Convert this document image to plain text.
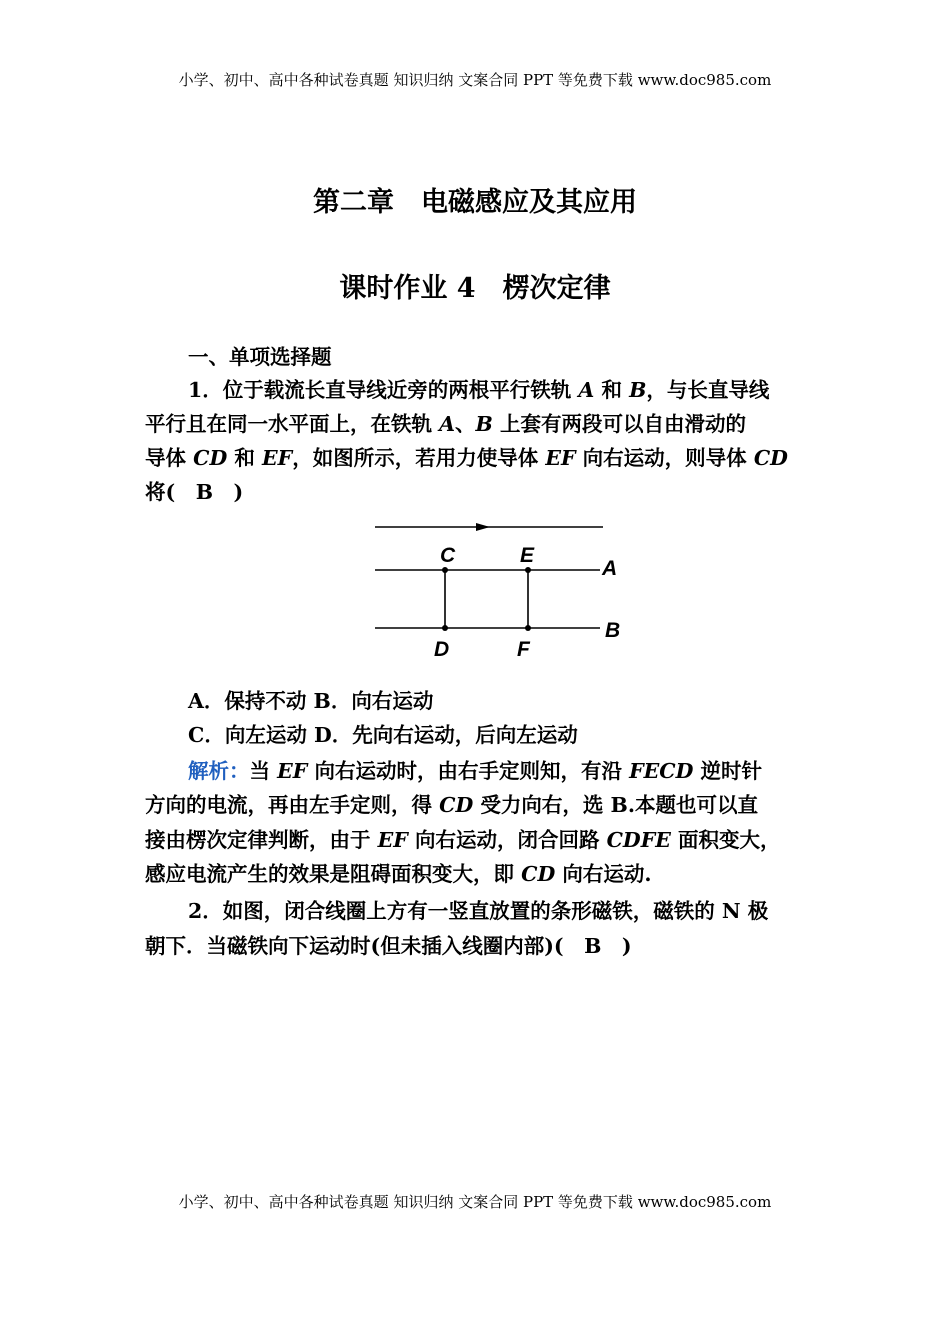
小学、初中、高中各种试卷真题 知识归纳 文案合同 PPT 等免费下载 www.doc985.com
第二章　电磁感应及其应用
课时作业 4　楞次定律
一、单项选择题
1．位于载流长直导线近旁的两根平行铁轨 A 和 B，与长直导线
平行且在同一水平面上，在铁轨 A、B 上套有两段可以自由滑动的
导体 CD 和 EF，如图所示，若用力使导体 EF 向右运动，则导体 CD
将(　B　)
C	E
A
B
D	F
A．保持不动 B．向右运动
C．向左运动 D．先向右运动，后向左运动
解析：当 EF 向右运动时，由右手定则知，有沿 FECD 逆时针
方向的电流，再由左手定则，得 CD 受力向右，选 B.本题也可以直
接由楞次定律判断，由于 EF 向右运动，闭合回路 CDFE 面积变大，
感应电流产生的效果是阻碍面积变大，即 CD 向右运动.
2．如图，闭合线圈上方有一竖直放置的条形磁铁，磁铁的 N 极
朝下．当磁铁向下运动时(但未插入线圈内部)(　B　)
小学、初中、高中各种试卷真题 知识归纳 文案合同 PPT 等免费下载 www.doc985.com
